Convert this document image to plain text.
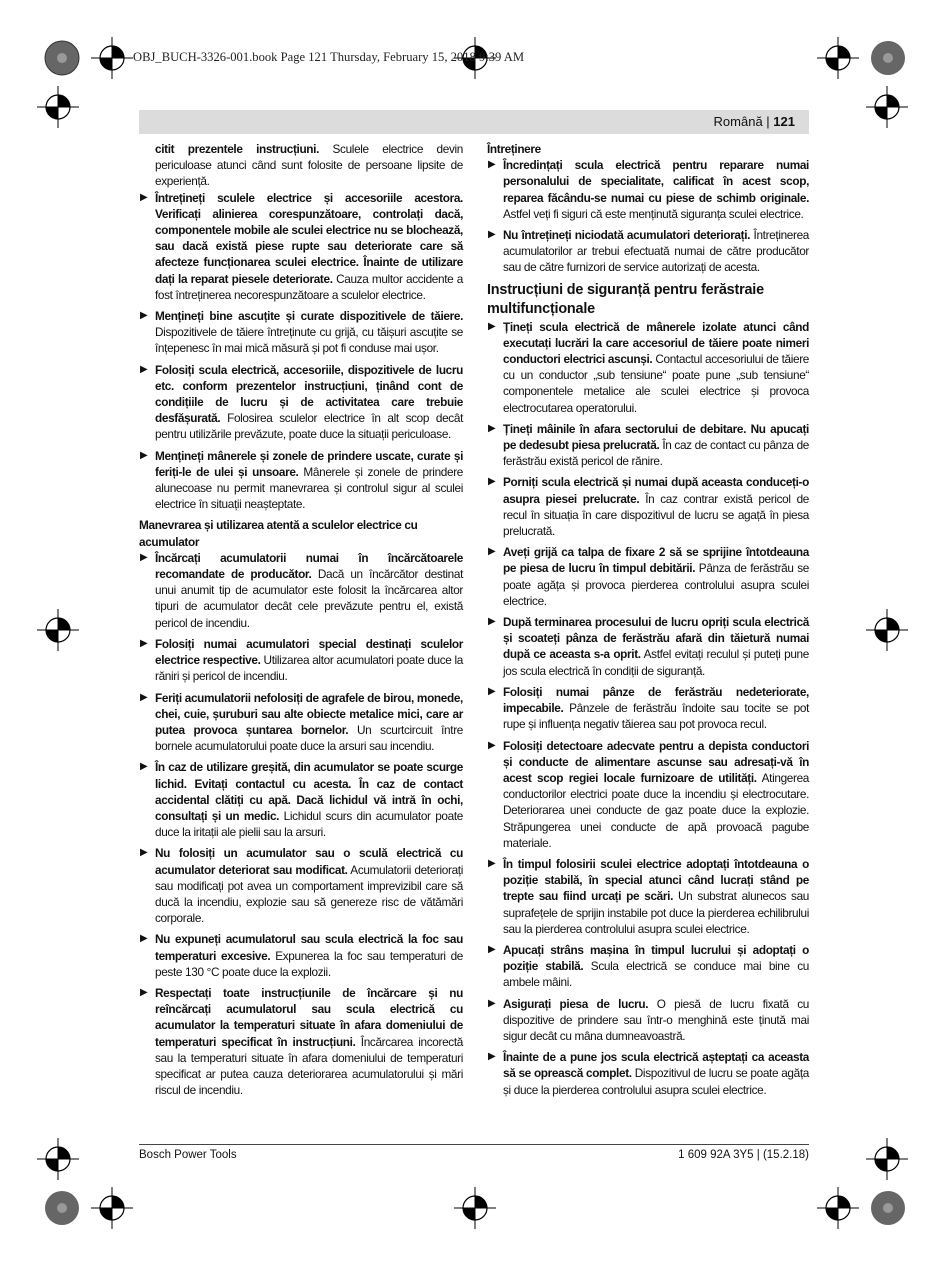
OBJ_BUCH-3326-001.book Page 121 Thursday, February 15, 2018 9:39 AM
Română | 121

citit prezentele instrucțiuni. Sculele electrice devin periculoase atunci când sunt folosite de persoane lipsite de experiență.

▶ Întrețineți sculele electrice și accesoriile acestora. Verificați alinierea corespunzătoare, controlați dacă, componentele mobile ale sculei electrice nu se blochează, sau dacă există piese rupte sau deteriorate care să afecteze funcționarea sculei electrice. Înainte de utilizare dați la reparat piesele deteriorate. Cauza multor accidente a fost întreținerea necorespunzătoare a sculelor electrice.
▶ Mențineți bine ascuțite și curate dispozitivele de tăiere. Dispozitivele de tăiere întreținute cu grijă, cu tăișuri ascuțite se înțepenesc în mai mică măsură și pot fi conduse mai ușor.
▶ Folosiți scula electrică, accesoriile, dispozitivele de lucru etc. conform prezentelor instrucțiuni, ținând cont de condițiile de lucru și de activitatea care trebuie desfășurată. Folosirea sculelor electrice în alt scop decât pentru utilizările prevăzute, poate duce la situații periculoase.
▶ Mențineți mânerele și zonele de prindere uscate, curate și feriți-le de ulei și unsoare. Mânerele și zonele de prindere alunecoase nu permit manevrarea și controlul sigur al sculei electrice în situații neașteptate.

Manevrarea și utilizarea atentă a sculelor electrice cu acumulator

▶ Încărcați acumulatorii numai în încărcătoarele recomandate de producător. Dacă un încărcător destinat unui anumit tip de acumulator este folosit la încărcarea altor tipuri de acumulator decât cele prevăzute pentru el, există pericol de incendiu.
▶ Folosiți numai acumulatori special destinați sculelor electrice respective. Utilizarea altor acumulatori poate duce la răniri și pericol de incendiu.
▶ Feriți acumulatorii nefolosiți de agrafele de birou, monede, chei, cuie, șuruburi sau alte obiecte metalice mici, care ar putea provoca șuntarea bornelor. Un scurtcircuit între bornele acumulatorului poate duce la arsuri sau incendiu.
▶ În caz de utilizare greșită, din acumulator se poate scurge lichid. Evitați contactul cu acesta. În caz de contact accidental clătiți cu apă. Dacă lichidul vă intră în ochi, consultați și un medic. Lichidul scurs din acumulator poate duce la iritații ale pielii sau la arsuri.
▶ Nu folosiți un acumulator sau o sculă electrică cu acumulator deteriorat sau modificat. Acumulatorii deteriorați sau modificați pot avea un comportament imprevizibil care să ducă la incendiu, explozie sau să genereze risc de vătămări corporale.
▶ Nu expuneți acumulatorul sau scula electrică la foc sau temperaturi excesive. Expunerea la foc sau temperaturi de peste 130 °C poate duce la explozii.
▶ Respectați toate instrucțiunile de încărcare și nu reîncărcați acumulatorul sau scula electrică cu acumulator la temperaturi situate în afara domeniului de temperaturi specificat în instrucțiuni. Încărcarea incorectă sau la temperaturi situate în afara domeniului de temperaturi specificat ar putea cauza deteriorarea acumulatorului și mări riscul de incendiu.

Întreținere

▶ Încredințați scula electrică pentru reparare numai personalului de specialitate, calificat în acest scop, reparea făcându-se numai cu piese de schimb originale. Astfel veți fi siguri că este menținută siguranța sculei electrice.
▶ Nu întrețineți niciodată acumulatori deteriorați. Întreținerea acumulatorilor ar trebui efectuată numai de către producător sau de către furnizori de service autorizați de acesta.

Instrucțiuni de siguranță pentru ferăstraie multifuncționale

▶ Țineți scula electrică de mânerele izolate atunci când executați lucrări la care accesoriul de tăiere poate nimeri conductori electrici ascunși. Contactul accesoriului de tăiere cu un conductor „sub tensiune“ poate pune „sub tensiune“ componentele metalice ale sculei electrice și provoca electrocutarea operatorului.
▶ Țineți mâinile în afara sectorului de debitare. Nu apucați pe dedesubt piesa prelucrată. În caz de contact cu pânza de ferăstrău există pericol de rănire.
▶ Porniți scula electrică și numai după aceasta conduceți-o asupra piesei prelucrate. În caz contrar există pericol de recul în situația în care dispozitivul de lucru se agață în piesa prelucrată.
▶ Aveți grijă ca talpa de fixare 2 să se sprijine întotdeauna pe piesa de lucru în timpul debitării. Pânza de ferăstrău se poate agăța și provoca pierderea controlului asupra sculei electrice.
▶ După terminarea procesului de lucru opriți scula electrică și scoateți pânza de ferăstrău afară din tăietură numai după ce aceasta s-a oprit. Astfel evitați reculul și puteți pune jos scula electrică în condiții de siguranță.
▶ Folosiți numai pânze de ferăstrău nedeteriorate, impecabile. Pânzele de ferăstrău îndoite sau tocite se pot rupe și influența negativ tăierea sau pot provoca recul.
▶ Folosiți detectoare adecvate pentru a depista conductori și conducte de alimentare ascunse sau adresați-vă în acest scop regiei locale furnizoare de utilități. Atingerea conductorilor electrici poate duce la incendiu și electrocutare. Deteriorarea unei conducte de gaz poate duce la explozie. Străpungerea unei conducte de apă provoacă pagube materiale.
▶ În timpul folosirii sculei electrice adoptați întotdeauna o poziție stabilă, în special atunci când lucrați stând pe trepte sau fiind urcați pe scări. Un substrat alunecos sau suprafețele de sprijin instabile pot duce la pierderea echilibrului sau la pierderea controlului asupra sculei electrice.
▶ Apucați strâns mașina în timpul lucrului și adoptați o poziție stabilă. Scula electrică se conduce mai bine cu ambele mâini.
▶ Asigurați piesa de lucru. O piesă de lucru fixată cu dispozitive de prindere sau într-o menghină este ținută mai sigur decât cu mâna dumneavoastră.
▶ Înainte de a pune jos scula electrică așteptați ca aceasta să se oprească complet. Dispozitivul de lucru se poate agăța și duce la pierderea controlului asupra sculei electrice.
Bosch Power Tools	1 609 92A 3Y5 | (15.2.18)
